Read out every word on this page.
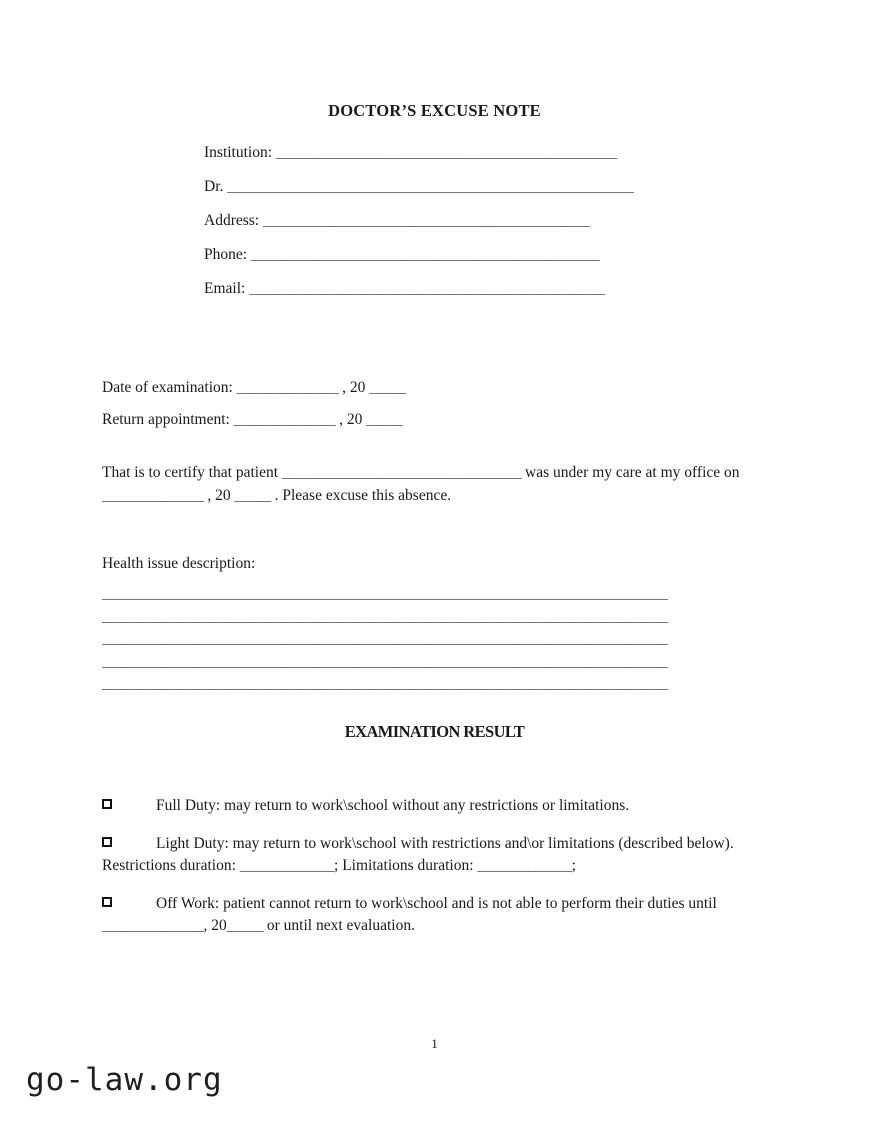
DOCTOR’S EXCUSE NOTE
Institution: _______________________________________________
Dr. ________________________________________________________
Address: _____________________________________________
Phone: ________________________________________________
Email: _________________________________________________
Date of examination: ______________ , 20 _____
Return appointment: ______________ , 20 _____
That is to certify that patient _________________________________ was under my care at my office on ______________ , 20 _____ . Please excuse this absence.
Health issue description:
______________________________________________________________________________
______________________________________________________________________________
______________________________________________________________________________
______________________________________________________________________________
______________________________________________________________________________
EXAMINATION RESULT
Full Duty: may return to work\school without any restrictions or limitations.
Light Duty: may return to work\school with restrictions and\or limitations (described below). Restrictions duration: _____________; Limitations duration: _____________;
Off Work: patient cannot return to work\school and is not able to perform their duties until ______________, 20_____ or until next evaluation.
1
go-law.org
